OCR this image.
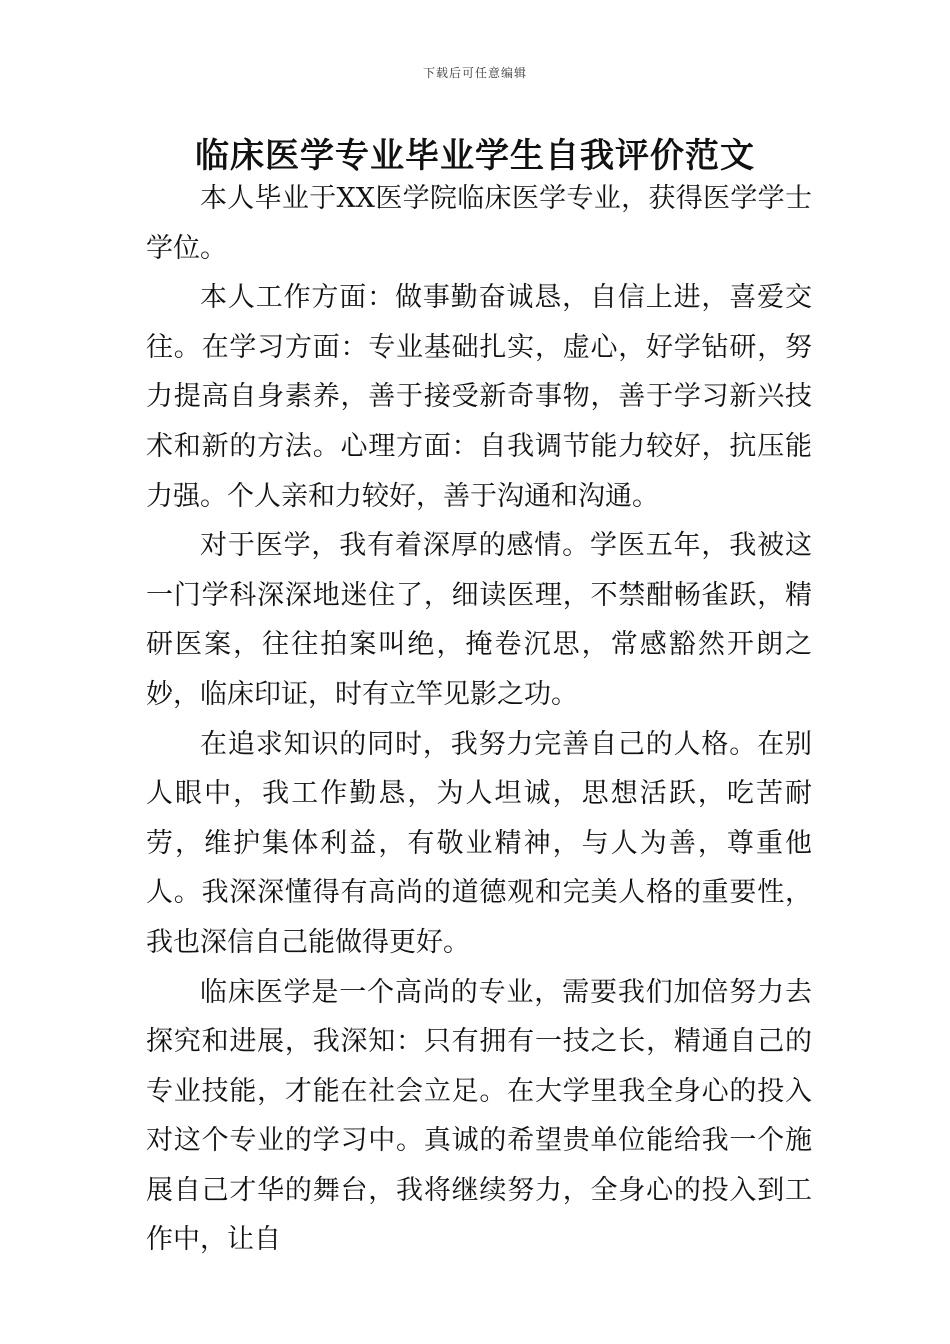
下载后可任意编辑
临床医学专业毕业学生自我评价范文

本人毕业于XX医学院临床医学专业，获得医学学士学位。

本人工作方面：做事勤奋诚恳，自信上进，喜爱交往。在学习方面：专业基础扎实，虚心，好学钻研，努力提高自身素养，善于接受新奇事物，善于学习新兴技术和新的方法。心理方面：自我调节能力较好，抗压能力强。个人亲和力较好，善于沟通和沟通。

对于医学，我有着深厚的感情。学医五年，我被这一门学科深深地迷住了，细读医理，不禁酣畅雀跃，精研医案，往往拍案叫绝，掩卷沉思，常感豁然开朗之妙，临床印证，时有立竿见影之功。

在追求知识的同时，我努力完善自己的人格。在别人眼中，我工作勤恳，为人坦诚，思想活跃，吃苦耐劳，维护集体利益，有敬业精神，与人为善，尊重他人。我深深懂得有高尚的道德观和完美人格的重要性，我也深信自己能做得更好。

临床医学是一个高尚的专业，需要我们加倍努力去探究和进展，我深知：只有拥有一技之长，精通自己的专业技能，才能在社会立足。在大学里我全身心的投入对这个专业的学习中。真诚的希望贵单位能给我一个施展自己才华的舞台，我将继续努力，全身心的投入到工作中，让自
